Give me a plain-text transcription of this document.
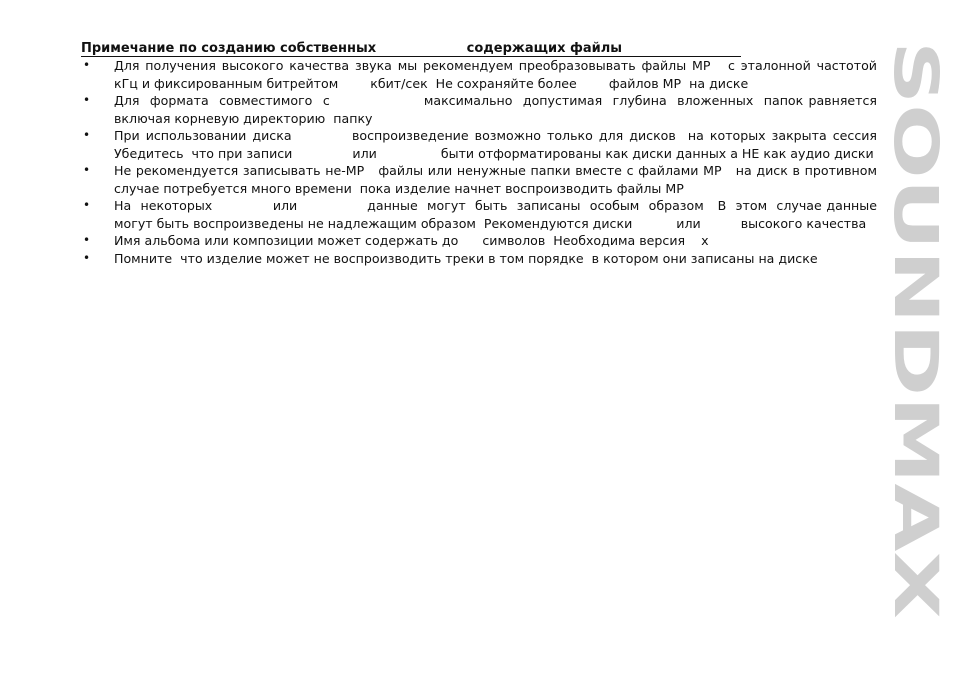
Примечание по созданию собственных                    содержащих файлы
• Для получения высокого качества звука мы рекомендуем преобразовывать файлы MP   с эталонной частотой         кГц и фиксированным битрейтом        кбит/сек  Не сохраняйте более        файлов MP  на диске
• Для  формата  совместимого  с                  максимально  допустимая  глубина  вложенных  папок равняется     включая корневую директорию  папку
• При использовании диска          воспроизведение возможно только для дисков  на которых закрыта сессия  Убедитесь  что при записи               или                быти отформатированы как диски данных а НЕ как аудио диски
• Не рекомендуется записывать не-MP   файлы или ненужные папки вместе с файлами MP   на диск в противном случае потребуется много времени  пока изделие начнет воспроизводить файлы MP
• На  некоторых             или               данные  могут  быть  записаны  особым  образом   В  этом  случае данные могут быть воспроизведены не надлежащим образом  Рекомендуются диски           или          высокого качества
• Имя альбома или композиции может содержать до      символов  Необходима версия    x
• Помните  что изделие может не воспроизводить треки в том порядке  в котором они записаны на диске	SOUNDMAX
